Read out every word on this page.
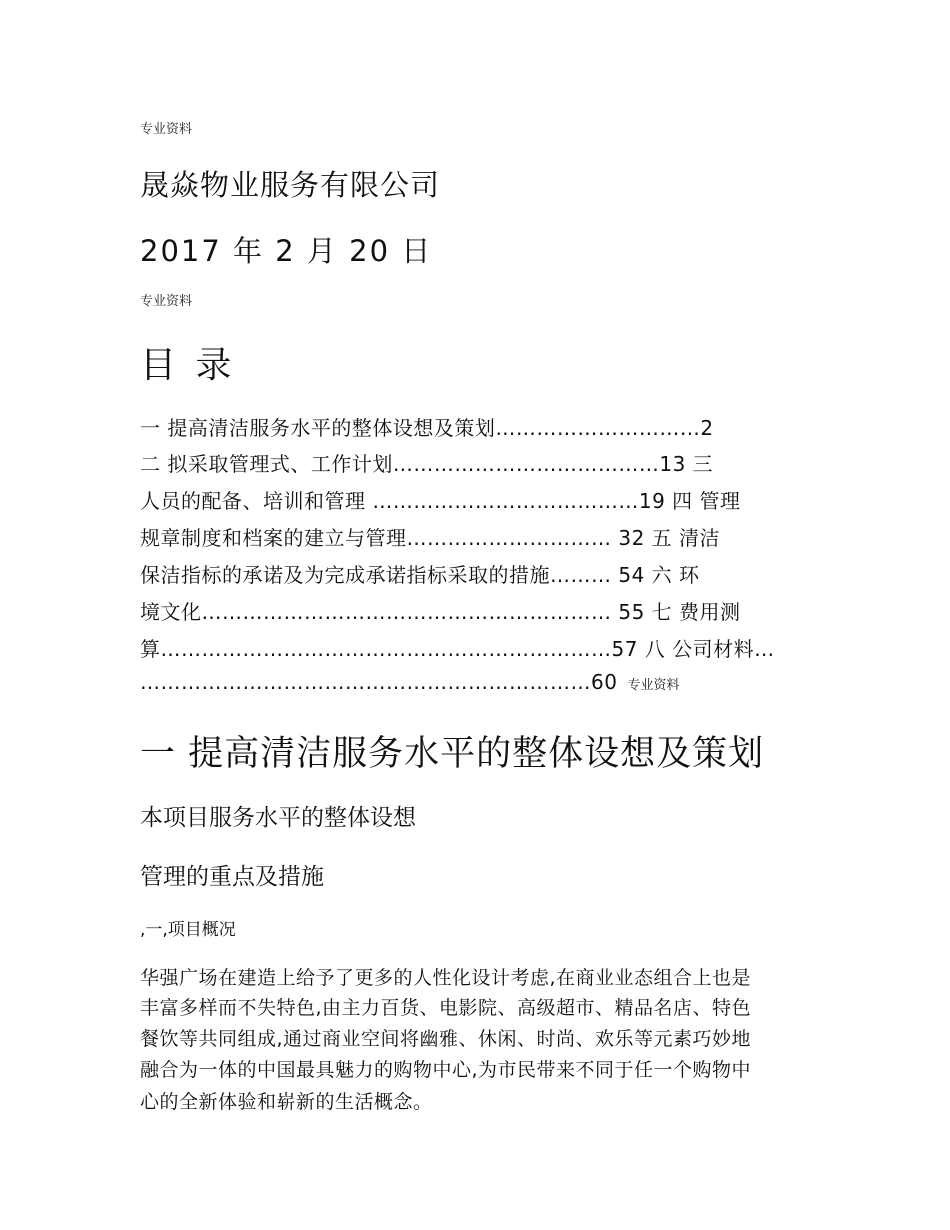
专业资料
晟焱物业服务有限公司
2017 年 2 月 20 日
专业资料
目 录
一 提高清洁服务水平的整体设想及策划…………………………2
二 拟采取管理式、工作计划…………………………………13 三
人员的配备、培训和管理 …………………………………19 四 管理
规章制度和档案的建立与管理………………………… 32 五 清洁
保洁指标的承诺及为完成承诺指标采取的措施……… 54 六 环
境文化…………………………………………………… 55 七 费用测
算…………………………………………………………57 八 公司材料…
…………………………………………………………60 专业资料
一 提高清洁服务水平的整体设想及策划
本项目服务水平的整体设想
管理的重点及措施
,一,项目概况
华强广场在建造上给予了更多的人性化设计考虑,在商业业态组合上也是
丰富多样而不失特色,由主力百货、电影院、高级超市、精品名店、特色
餐饮等共同组成,通过商业空间将幽雅、休闲、时尚、欢乐等元素巧妙地
融合为一体的中国最具魅力的购物中心,为市民带来不同于任一个购物中
心的全新体验和崭新的生活概念。
